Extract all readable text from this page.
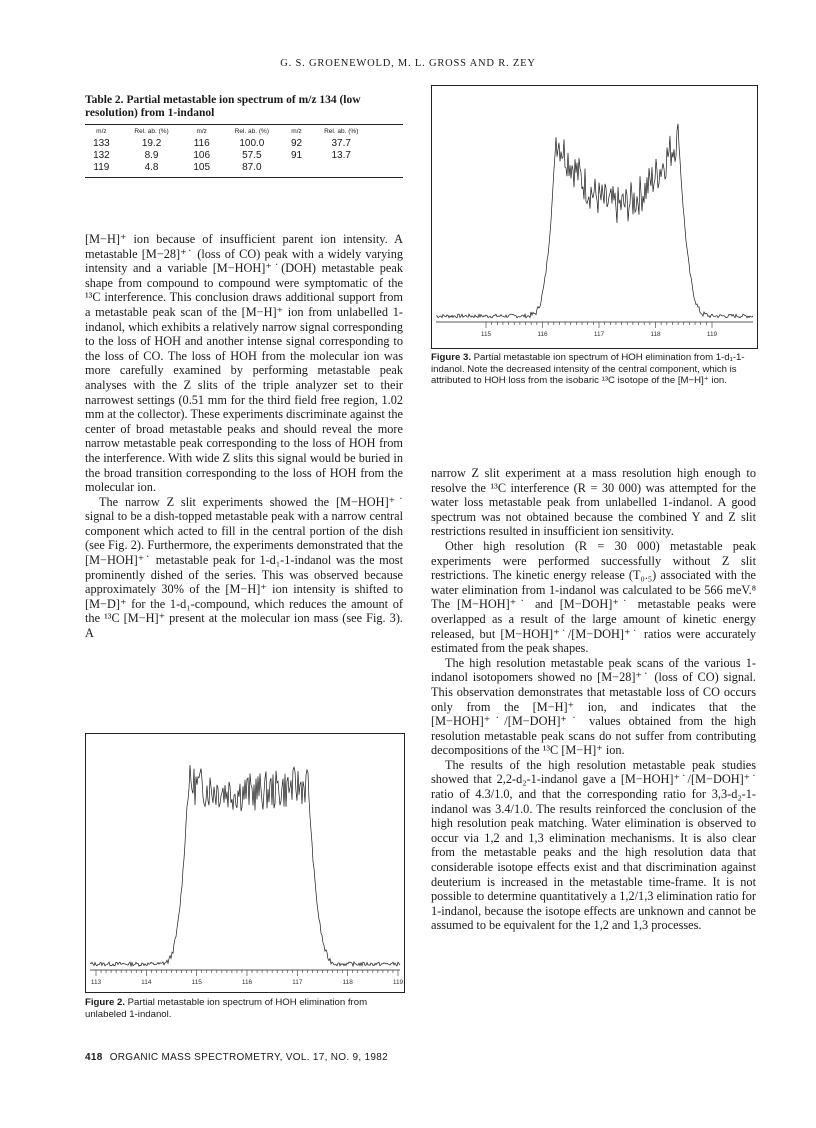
G. S. GROENEWOLD, M. L. GROSS AND R. ZEY
Table 2. Partial metastable ion spectrum of m/z 134 (low resolution) from 1-indanol
m/z	Rel. ab. (%)	m/z	Rel. ab. (%)	m/z	Rel. ab. (%)
133	19.2	116	100.0	92	37.7
132	8.9	106	57.5	91	13.7
119	4.8	105	87.0		

[M−H]⁺ ion because of insufficient parent ion intensity. A metastable [M−28]⁺˙ (loss of CO) peak with a widely varying intensity and a variable [M−HOH]⁺˙(DOH) metastable peak shape from compound to compound were symptomatic of the ¹³C interference. This conclusion draws additional support from a metastable peak scan of the [M−H]⁺ ion from unlabelled 1-indanol, which exhibits a relatively narrow signal corresponding to the loss of HOH and another intense signal corresponding to the loss of CO. The loss of HOH from the molecular ion was more carefully examined by performing metastable peak analyses with the Z slits of the triple analyzer set to their narrowest settings (0.51 mm for the third field free region, 1.02 mm at the collector). These experiments discriminate against the center of broad metastable peaks and should reveal the more narrow metastable peak corresponding to the loss of HOH from the interference. With wide Z slits this signal would be buried in the broad transition corresponding to the loss of HOH from the molecular ion.

The narrow Z slit experiments showed the [M−HOH]⁺˙ signal to be a dish-topped metastable peak with a narrow central component which acted to fill in the central portion of the dish (see Fig. 2). Furthermore, the experiments demonstrated that the [M−HOH]⁺˙ metastable peak for 1-d₁-1-indanol was the most prominently dished of the series. This was observed because approximately 30% of the [M−H]⁺ ion intensity is shifted to [M−D]⁺ for the 1-d₁-compound, which reduces the amount of the ¹³C [M−H]⁺ present at the molecular ion mass (see Fig. 3). A

115	116	117	118	119
Figure 3. Partial metastable ion spectrum of HOH elimination from 1-d₁-1-indanol. Note the decreased intensity of the central component, which is attributed to HOH loss from the isobaric ¹³C isotope of the [M−H]⁺ ion.

narrow Z slit experiment at a mass resolution high enough to resolve the ¹³C interference (R = 30 000) was attempted for the water loss metastable peak from unlabelled 1-indanol. A good spectrum was not obtained because the combined Y and Z slit restrictions resulted in insufficient ion sensitivity.

Other high resolution (R = 30 000) metastable peak experiments were performed successfully without Z slit restrictions. The kinetic energy release (T₀.₅) associated with the water elimination from 1-indanol was calculated to be 566 meV.⁸ The [M−HOH]⁺˙ and [M−DOH]⁺˙ metastable peaks were overlapped as a result of the large amount of kinetic energy released, but [M−HOH]⁺˙/[M−DOH]⁺˙ ratios were accurately estimated from the peak shapes.

The high resolution metastable peak scans of the various 1-indanol isotopomers showed no [M−28]⁺˙ (loss of CO) signal. This observation demonstrates that metastable loss of CO occurs only from the [M−H]⁺ ion, and indicates that the [M−HOH]⁺˙/[M−DOH]⁺˙ values obtained from the high resolution metastable peak scans do not suffer from contributing decompositions of the ¹³C [M−H]⁺ ion.

The results of the high resolution metastable peak studies showed that 2,2-d₂-1-indanol gave a [M−HOH]⁺˙/[M−DOH]⁺˙ ratio of 4.3/1.0, and that the corresponding ratio for 3,3-d₂-1-indanol was 3.4/1.0. The results reinforced the conclusion of the high resolution peak matching. Water elimination is observed to occur via 1,2 and 1,3 elimination mechanisms. It is also clear from the metastable peaks and the high resolution data that considerable isotope effects exist and that discrimination against deuterium is increased in the metastable time-frame. It is not possible to determine quantitatively a 1,2/1,3 elimination ratio for 1-indanol, because the isotope effects are unknown and cannot be assumed to be equivalent for the 1,2 and 1,3 processes.

113	114	115	116	117	118	119
Figure 2. Partial metastable ion spectrum of HOH elimination from unlabeled 1-indanol.
418 ORGANIC MASS SPECTROMETRY, VOL. 17, NO. 9, 1982
